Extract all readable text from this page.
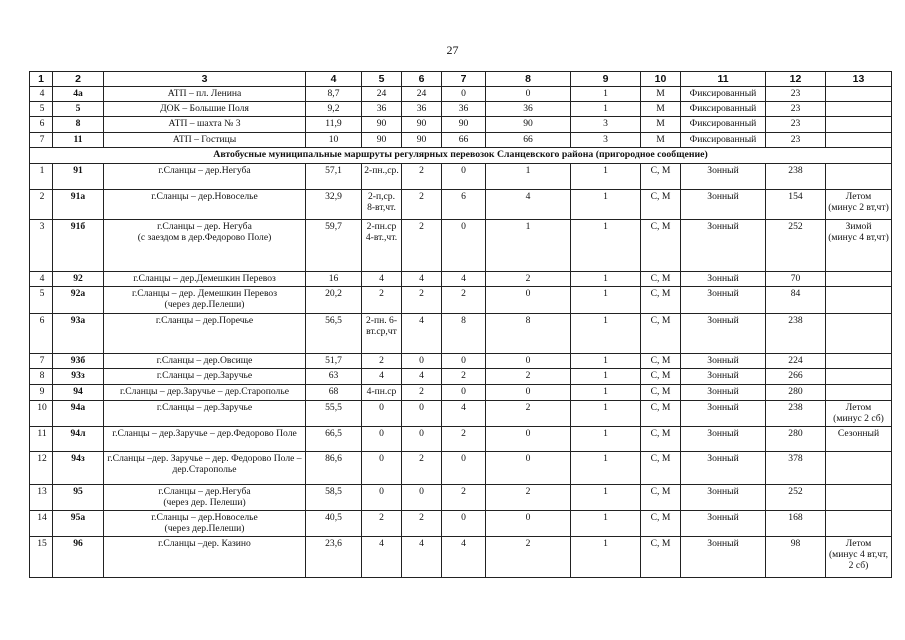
27
1	2	3	4	5	6	7	8	9	10	11	12	13
4	4а	АТП – пл. Ленина	8,7	24	24	0	0	1	М	Фиксированный	23	
5	5	ДОК – Большие Поля	9,2	36	36	36	36	1	М	Фиксированный	23	
6	8	АТП – шахта № 3	11,9	90	90	90	90	3	М	Фиксированный	23	
7	11	АТП – Гостицы	10	90	90	66	66	3	М	Фиксированный	23	
Автобусные муниципальные маршруты регулярных перевозок Сланцевского района (пригородное сообщение)												
1	91	г.Сланцы – дер.Негуба	57,1	2-пн.,ср.	2	0	1	1	С, М	Зонный	238	
2	91а	г.Сланцы – дер.Новоселье	32,9	2-п,ср.
8-вт,чт.	2	6	4	1	С, М	Зонный	154	Летом
(минус 2 вт,чт)
3	91б	г.Сланцы – дер. Негуба
(с заездом в дер.Федорово Поле)	59,7	2-пн.ср
4-вт.,чт.	2	0	1	1	С, М	Зонный	252	Зимой
(минус 4 вт,чт)
4	92	г.Сланцы – дер.Демешкин Перевоз	16	4	4	4	2	1	С, М	Зонный	70	
5	92а	г.Сланцы – дер. Демешкин Перевоз
(через дер.Пелеши)	20,2	2	2	2	0	1	С, М	Зонный	84	
6	93а	г.Сланцы – дер.Поречье	56,5	2-пн. 6-вт.ср,чт	4	8	8	1	С, М	Зонный	238	
7	93б	г.Сланцы – дер.Овсище	51,7	2	0	0	0	1	С, М	Зонный	224	
8	93з	г.Сланцы – дер.Заручье	63	4	4	2	2	1	С, М	Зонный	266	
9	94	г.Сланцы – дер.Заручье – дер.Старополье	68	4-пн.ср	2	0	0	1	С, М	Зонный	280	
10	94а	г.Сланцы – дер.Заручье	55,5	0	0	4	2	1	С, М	Зонный	238	Летом
(минус 2 сб)
11	94л	г.Сланцы – дер.Заручье – дер.Федорово Поле	66,5	0	0	2	0	1	С, М	Зонный	280	Сезонный
12	94з	г.Сланцы –дер. Заручье – дер. Федорово Поле – дер.Старополье	86,6	0	2	0	0	1	С, М	Зонный	378	
13	95	г.Сланцы – дер.Негуба
(через дер. Пелеши)	58,5	0	0	2	2	1	С, М	Зонный	252	
14	95а	г.Сланцы – дер.Новоселье
(через дер.Пелеши)	40,5	2	2	0	0	1	С, М	Зонный	168	
15	96	г.Сланцы –дер. Казино	23,6	4	4	4	2	1	С, М	Зонный	98	Летом
(минус 4 вт,чт,
2 сб)
